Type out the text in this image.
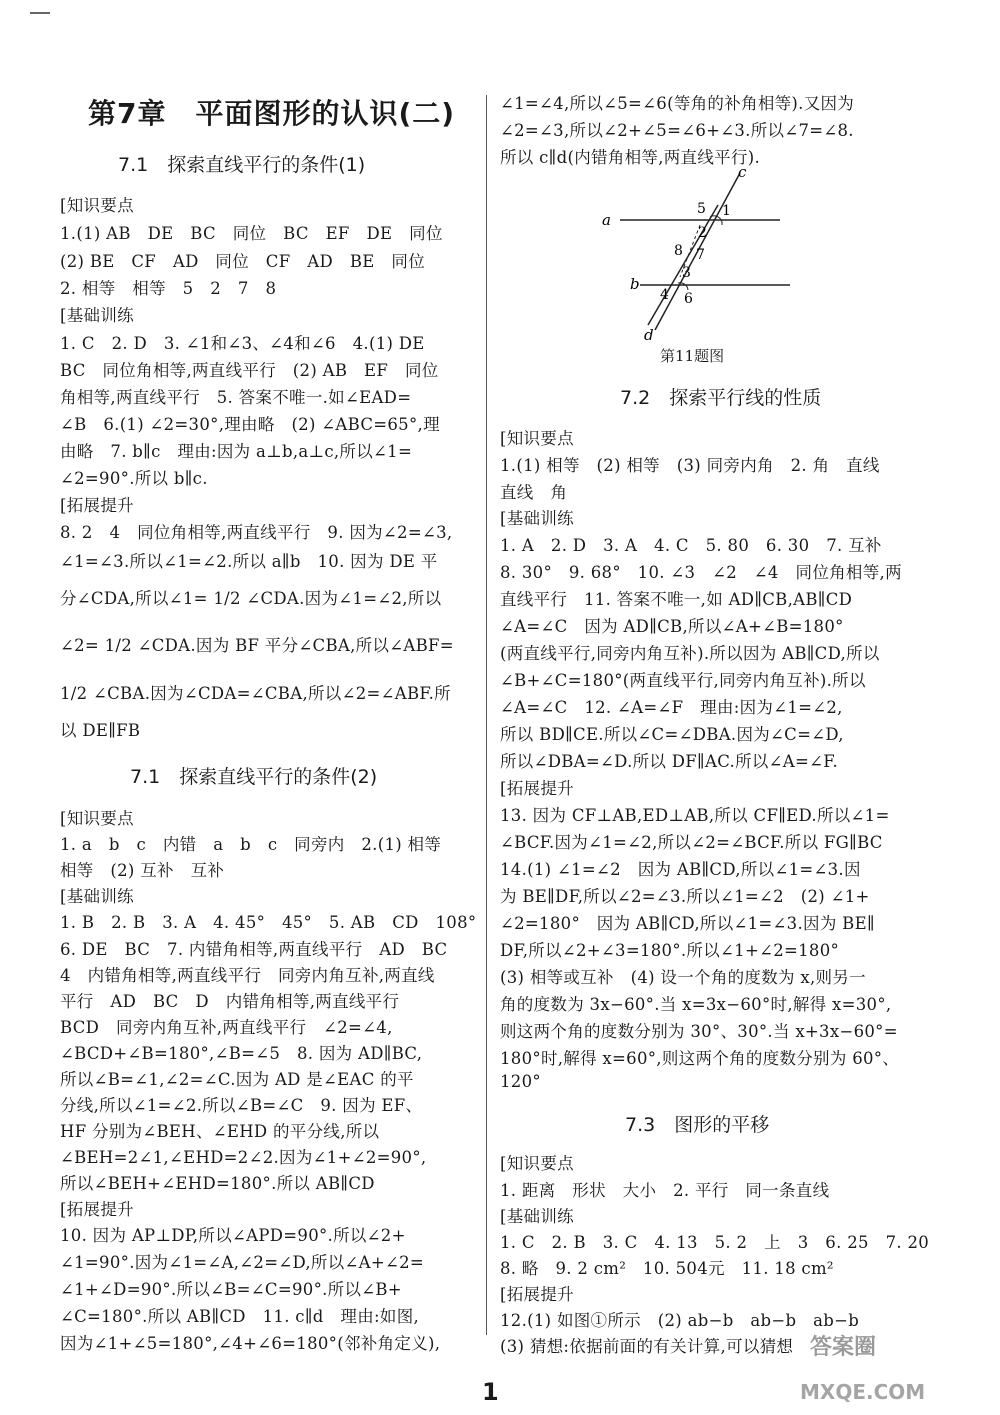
第7章　平面图形的认识(二)
7.1　探索直线平行的条件(1)
[知识要点
1.(1) AB　DE　BC　同位　BC　EF　DE　同位
(2) BE　CF　AD　同位　CF　AD　BE　同位
2. 相等　相等　5　2　7　8
[基础训练
1. C　2. D　3. ∠1和∠3、∠4和∠6　4.(1) DE
BC　同位角相等,两直线平行　(2) AB　EF　同位
角相等,两直线平行　5. 答案不唯一.如∠EAD=
∠B　6.(1) ∠2=30°,理由略　(2) ∠ABC=65°,理
由略　7. b∥c　理由:因为 a⊥b,a⊥c,所以∠1=
∠2=90°.所以 b∥c.
[拓展提升
8. 2　4　同位角相等,两直线平行　9. 因为∠2=∠3,
∠1=∠3.所以∠1=∠2.所以 a∥b　10. 因为 DE 平
分∠CDA,所以∠1= 1/2 ∠CDA.因为∠1=∠2,所以
∠2= 1/2 ∠CDA.因为 BF 平分∠CBA,所以∠ABF=
1/2 ∠CBA.因为∠CDA=∠CBA,所以∠2=∠ABF.所
以 DE∥FB
7.1　探索直线平行的条件(2)
[知识要点
1. a　b　c　内错　a　b　c　同旁内　2.(1) 相等
相等　(2) 互补　互补
[基础训练
1. B　2. B　3. A　4. 45°　45°　5. AB　CD　108°
6. DE　BC　7. 内错角相等,两直线平行　AD　BC
4　内错角相等,两直线平行　同旁内角互补,两直线
平行　AD　BC　D　内错角相等,两直线平行
BCD　同旁内角互补,两直线平行　∠2=∠4,
∠BCD+∠B=180°,∠B=∠5　8. 因为 AD∥BC,
所以∠B=∠1,∠2=∠C.因为 AD 是∠EAC 的平
分线,所以∠1=∠2.所以∠B=∠C　9. 因为 EF、
HF 分别为∠BEH、∠EHD 的平分线,所以
∠BEH=2∠1,∠EHD=2∠2.因为∠1+∠2=90°,
所以∠BEH+∠EHD=180°.所以 AB∥CD
[拓展提升
10. 因为 AP⊥DP,所以∠APD=90°.所以∠2+
∠1=90°.因为∠1=∠A,∠2=∠D,所以∠A+∠2=
∠1+∠D=90°.所以∠B=∠C=90°.所以∠B+
∠C=180°.所以 AB∥CD　11. c∥d　理由:如图,
因为∠1+∠5=180°,∠4+∠6=180°(邻补角定义),
∠1=∠4,所以∠5=∠6(等角的补角相等).又因为
∠2=∠3,所以∠2+∠5=∠6+∠3.所以∠7=∠8.
所以 c∥d(内错角相等,两直线平行).
c
a
5 1
2
8 7
3
b
4 6
d
第11题图
7.2　探索平行线的性质
[知识要点
1.(1) 相等　(2) 相等　(3) 同旁内角　2. 角　直线
直线　角
[基础训练
1. A　2. D　3. A　4. C　5. 80　6. 30　7. 互补
8. 30°　9. 68°　10. ∠3　∠2　∠4　同位角相等,两
直线平行　11. 答案不唯一,如 AD∥CB,AB∥CD
∠A=∠C　因为 AD∥CB,所以∠A+∠B=180°
(两直线平行,同旁内角互补).所以因为 AB∥CD,所以
∠B+∠C=180°(两直线平行,同旁内角互补).所以
∠A=∠C　12. ∠A=∠F　理由:因为∠1=∠2,
所以 BD∥CE.所以∠C=∠DBA.因为∠C=∠D,
所以∠DBA=∠D.所以 DF∥AC.所以∠A=∠F.
[拓展提升
13. 因为 CF⊥AB,ED⊥AB,所以 CF∥ED.所以∠1=
∠BCF.因为∠1=∠2,所以∠2=∠BCF.所以 FG∥BC
14.(1) ∠1=∠2　因为 AB∥CD,所以∠1=∠3.因
为 BE∥DF,所以∠2=∠3.所以∠1=∠2　(2) ∠1+
∠2=180°　因为 AB∥CD,所以∠1=∠3.因为 BE∥
DF,所以∠2+∠3=180°.所以∠1+∠2=180°
(3) 相等或互补　(4) 设一个角的度数为 x,则另一
角的度数为 3x−60°.当 x=3x−60°时,解得 x=30°,
则这两个角的度数分别为 30°、30°.当 x+3x−60°=
180°时,解得 x=60°,则这两个角的度数分别为 60°、
120°
7.3　图形的平移
[知识要点
1. 距离　形状　大小　2. 平行　同一条直线
[基础训练
1. C　2. B　3. C　4. 13　5. 2　上　3　6. 25　7. 20
8. 略　9. 2 cm²　10. 504元　11. 18 cm²
[拓展提升
12.(1) 如图①所示　(2) ab−b　ab−b　ab−b
(3) 猜想:依据前面的有关计算,可以猜想
1
答案圈
MXQE.COM
